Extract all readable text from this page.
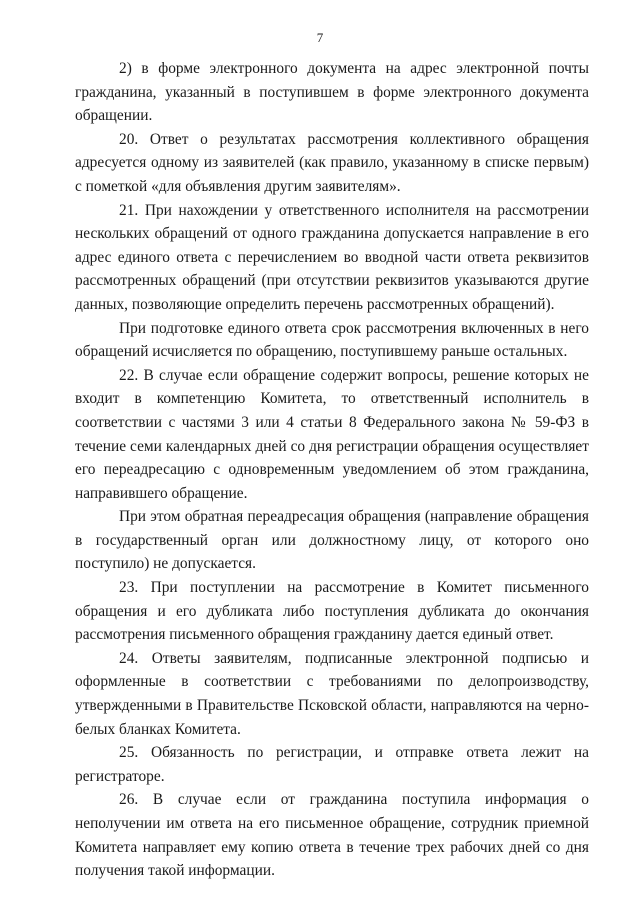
7

2) в форме электронного документа на адрес электронной почты гражданина, указанный в поступившем в форме электронного документа обращении.

20. Ответ о результатах рассмотрения коллективного обращения адресуется одному из заявителей (как правило, указанному в списке первым) с пометкой «для объявления другим заявителям».

21. При нахождении у ответственного исполнителя на рассмотрении нескольких обращений от одного гражданина допускается направление в его адрес единого ответа с перечислением во вводной части ответа реквизитов рассмотренных обращений (при отсутствии реквизитов указываются другие данных, позволяющие определить перечень рассмотренных обращений).

При подготовке единого ответа срок рассмотрения включенных в него обращений исчисляется по обращению, поступившему раньше остальных.

22. В случае если обращение содержит вопросы, решение которых не входит в компетенцию Комитета, то ответственный исполнитель в соответствии с частями 3 или 4 статьи 8 Федерального закона № 59-ФЗ в течение семи календарных дней со дня регистрации обращения осуществляет его переадресацию с одновременным уведомлением об этом гражданина, направившего обращение.

При этом обратная переадресация обращения (направление обращения в государственный орган или должностному лицу, от которого оно поступило) не допускается.

23. При поступлении на рассмотрение в Комитет письменного обращения и его дубликата либо поступления дубликата до окончания рассмотрения письменного обращения гражданину дается единый ответ.

24. Ответы заявителям, подписанные электронной подписью и оформленные в соответствии с требованиями по делопроизводству, утвержденными в Правительстве Псковской области, направляются на черно-белых бланках Комитета.

25. Обязанность по регистрации, и отправке ответа лежит на регистраторе.

26. В случае если от гражданина поступила информация о неполучении им ответа на его письменное обращение, сотрудник приемной Комитета направляет ему копию ответа в течение трех рабочих дней со дня получения такой информации.
